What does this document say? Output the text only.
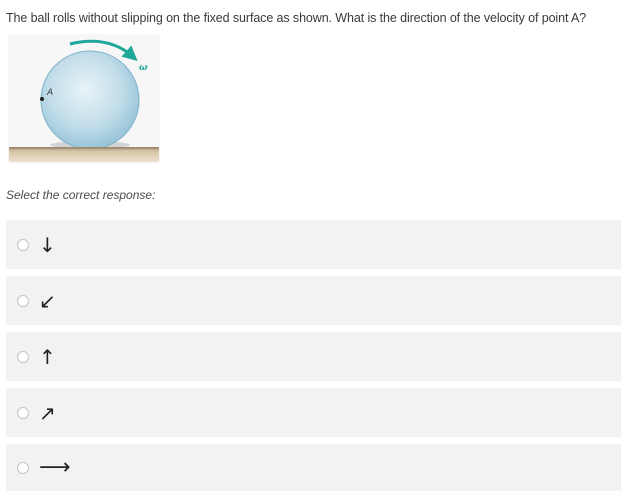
The ball rolls without slipping on the fixed surface as shown. What is the direction of the velocity of point A?
ω
A
Select the correct response:
↓
↙
↑
↗
⟶
